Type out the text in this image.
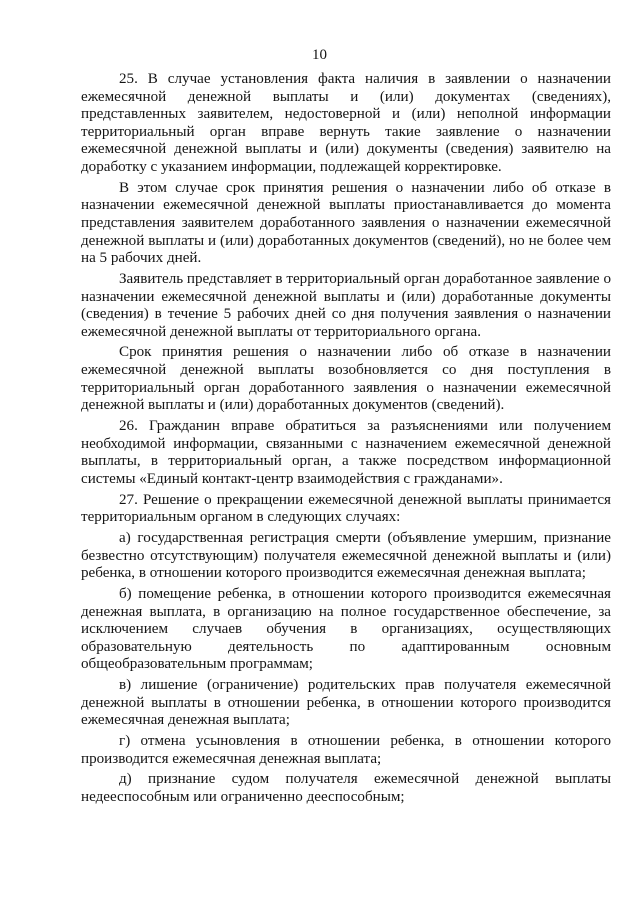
10

25. В случае установления факта наличия в заявлении о назначении ежемесячной денежной выплаты и (или) документах (сведениях), представленных заявителем, недостоверной и (или) неполной информации территориальный орган вправе вернуть такие заявление о назначении ежемесячной денежной выплаты и (или) документы (сведения) заявителю на доработку с указанием информации, подлежащей корректировке.

В этом случае срок принятия решения о назначении либо об отказе в назначении ежемесячной денежной выплаты приостанавливается до момента представления заявителем доработанного заявления о назначении ежемесячной денежной выплаты и (или) доработанных документов (сведений), но не более чем на 5 рабочих дней.

Заявитель представляет в территориальный орган доработанное заявление о назначении ежемесячной денежной выплаты и (или) доработанные документы (сведения) в течение 5 рабочих дней со дня получения заявления о назначении ежемесячной денежной выплаты от территориального органа.

Срок принятия решения о назначении либо об отказе в назначении ежемесячной денежной выплаты возобновляется со дня поступления в территориальный орган доработанного заявления о назначении ежемесячной денежной выплаты и (или) доработанных документов (сведений).

26. Гражданин вправе обратиться за разъяснениями или получением необходимой информации, связанными с назначением ежемесячной денежной выплаты, в территориальный орган, а также посредством информационной системы «Единый контакт-центр взаимодействия с гражданами».

27. Решение о прекращении ежемесячной денежной выплаты принимается территориальным органом в следующих случаях:

а) государственная регистрация смерти (объявление умершим, признание безвестно отсутствующим) получателя ежемесячной денежной выплаты и (или) ребенка, в отношении которого производится ежемесячная денежная выплата;

б) помещение ребенка, в отношении которого производится ежемесячная денежная выплата, в организацию на полное государственное обеспечение, за исключением случаев обучения в организациях, осуществляющих образовательную деятельность по адаптированным основным общеобразовательным программам;

в) лишение (ограничение) родительских прав получателя ежемесячной денежной выплаты в отношении ребенка, в отношении которого производится ежемесячная денежная выплата;

г) отмена усыновления в отношении ребенка, в отношении которого производится ежемесячная денежная выплата;

д) признание судом получателя ежемесячной денежной выплаты недееспособным или ограниченно дееспособным;
